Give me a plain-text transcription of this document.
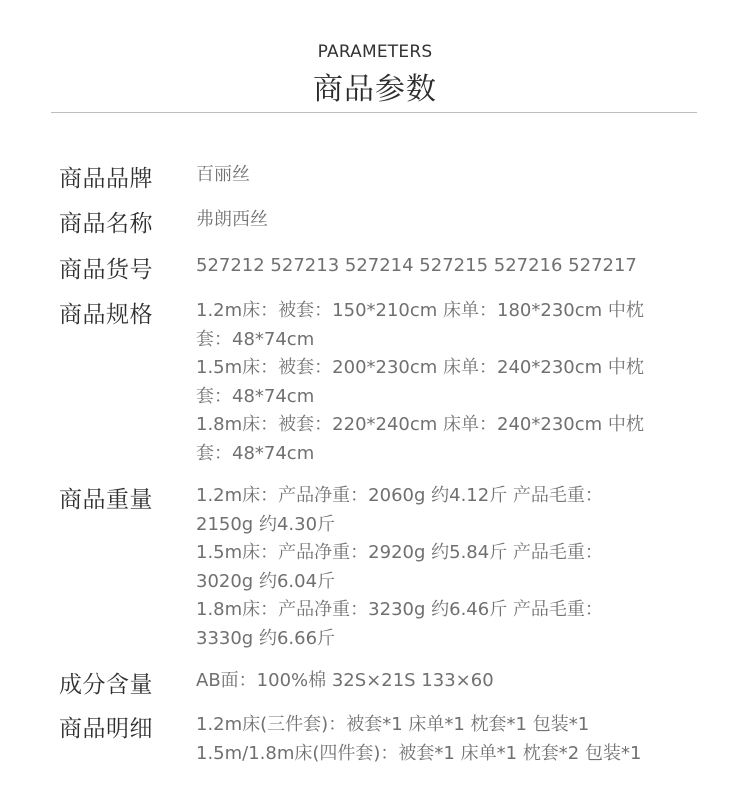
PARAMETERS
商品参数
商品品牌 百丽丝
商品名称 弗朗西丝
商品货号 527212 527213 527214 527215 527216 527217
商品规格 1.2m床：被套：150*210cm 床单：180*230cm 中枕
套：48*74cm
1.5m床：被套：200*230cm 床单：240*230cm 中枕
套：48*74cm
1.8m床：被套：220*240cm 床单：240*230cm 中枕
套：48*74cm
商品重量 1.2m床：产品净重：2060g 约4.12斤 产品毛重：
2150g 约4.30斤
1.5m床：产品净重：2920g 约5.84斤 产品毛重：
3020g 约6.04斤
1.8m床：产品净重：3230g 约6.46斤 产品毛重：
3330g 约6.66斤
成分含量 AB面：100%棉 32S×21S 133×60
商品明细 1.2m床(三件套)：被套*1 床单*1 枕套*1 包装*1
1.5m/1.8m床(四件套)：被套*1 床单*1 枕套*2 包装*1
